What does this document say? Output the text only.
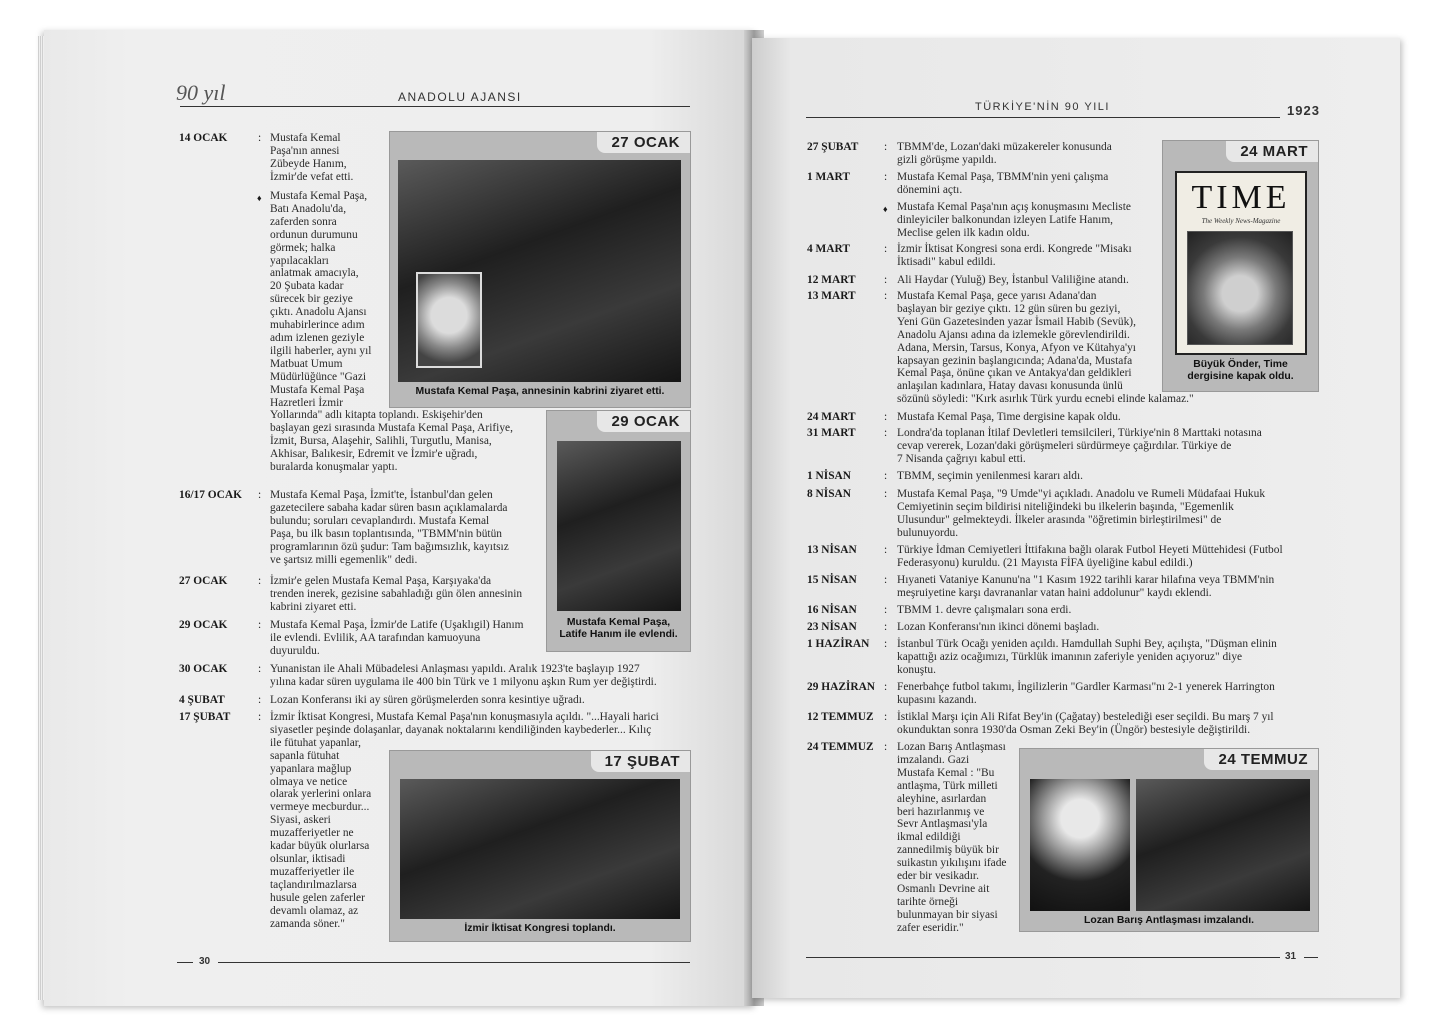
90 yıl	ANADOLU AJANSI
14 OCAK	: Mustafa Kemal
Paşa'nın annesi
Zübeyde Hanım,
İzmir'de vefat etti.
♦ Mustafa Kemal Paşa,
Batı Anadolu'da,
zaferden sonra
ordunun durumunu
görmek; halka
yapılacakları
anlatmak amacıyla,
20 Şubata kadar
sürecek bir geziye
çıktı. Anadolu Ajansı
muhabirlerince adım
adım izlenen geziyle
ilgili haberler, aynı yıl
Matbuat Umum
Müdürlüğünce "Gazi
Mustafa Kemal Paşa
Hazretleri İzmir
Yollarında" adlı kitapta toplandı. Eskişehir'den
başlayan gezi sırasında Mustafa Kemal Paşa, Arifiye,
İzmit, Bursa, Alaşehir, Salihli, Turgutlu, Manisa,
Akhisar, Balıkesir, Edremit ve İzmir'e uğradı,
buralarda konuşmalar yaptı.
16/17 OCAK : Mustafa Kemal Paşa, İzmit'te, İstanbul'dan gelen
gazetecilere sabaha kadar süren basın açıklamalarda
bulundu; soruları cevaplandırdı. Mustafa Kemal
Paşa, bu ilk basın toplantısında, "TBMM'nin bütün
programlarının özü şudur: Tam bağımsızlık, kayıtsız
ve şartsız milli egemenlik" dedi.
27 OCAK	: İzmir'e gelen Mustafa Kemal Paşa, Karşıyaka'da
trenden inerek, gezisine sabahladığı gün ölen annesinin
kabrini ziyaret etti.
29 OCAK	: Mustafa Kemal Paşa, İzmir'de Latife (Uşaklıgil) Hanım
ile evlendi. Evlilik, AA tarafından kamuoyuna
duyuruldu.
30 OCAK	: Yunanistan ile Ahali Mübadelesi Anlaşması yapıldı. Aralık 1923'te başlayıp 1927
yılına kadar süren uygulama ile 400 bin Türk ve 1 milyonu aşkın Rum yer değiştirdi.
4 ŞUBAT	: Lozan Konferansı iki ay süren görüşmelerden sonra kesintiye uğradı.
17 ŞUBAT : İzmir İktisat Kongresi, Mustafa Kemal Paşa'nın konuşmasıyla açıldı. "...Hayali harici
siyasetler peşinde dolaşanlar, dayanak noktalarını kendiliğinden kaybederler... Kılıç
ile fütuhat yapanlar,
sapanla fütuhat
yapanlara mağlup
olmaya ve netice
olarak yerlerini onlara
vermeye mecburdur...
Siyasi, askeri
muzafferiyetler ne
kadar büyük olurlarsa
olsunlar, iktisadi
muzafferiyetler ile
taçlandırılmazlarsa
husule gelen zaferler
devamlı olamaz, az
zamanda söner."
27 OCAK
Mustafa Kemal Paşa, annesinin kabrini ziyaret etti.
29 OCAK
Mustafa Kemal Paşa, Latife Hanım ile evlendi.
17 ŞUBAT
İzmir İktisat Kongresi toplandı.
30
TÜRKİYE'NİN 90 YILI	1923
27 ŞUBAT : TBMM'de, Lozan'daki müzakereler konusunda
gizli görüşme yapıldı.
1 MART	: Mustafa Kemal Paşa, TBMM'nin yeni çalışma
dönemini açtı.
♦ Mustafa Kemal Paşa'nın açış konuşmasını Mecliste
dinleyiciler balkonundan izleyen Latife Hanım,
Meclise gelen ilk kadın oldu.
4 MART	: İzmir İktisat Kongresi sona erdi. Kongrede "Misakı
İktisadi" kabul edildi.
12 MART : Ali Haydar (Yuluğ) Bey, İstanbul Valiliğine atandı.
13 MART : Mustafa Kemal Paşa, gece yarısı Adana'dan
başlayan bir geziye çıktı. 12 gün süren bu geziyi,
Yeni Gün Gazetesinden yazar İsmail Habib (Sevük),
Anadolu Ajansı adına da izlemekle görevlendirildi.
Adana, Mersin, Tarsus, Konya, Afyon ve Kütahya'yı
kapsayan gezinin başlangıcında; Adana'da, Mustafa
Kemal Paşa, önüne çıkan ve Antakya'dan geldikleri
anlaşılan kadınlara, Hatay davası konusunda ünlü
sözünü söyledi: "Kırk asırlık Türk yurdu ecnebi elinde kalamaz."
24 MART : Mustafa Kemal Paşa, Time dergisine kapak oldu.
31 MART : Londra'da toplanan İtilaf Devletleri temsilcileri, Türkiye'nin 8 Marttaki notasına
cevap vererek, Lozan'daki görüşmeleri sürdürmeye çağırdılar. Türkiye de
7 Nisanda çağrıyı kabul etti.
1 NİSAN	: TBMM, seçimin yenilenmesi kararı aldı.
8 NİSAN	: Mustafa Kemal Paşa, "9 Umde"yi açıkladı. Anadolu ve Rumeli Müdafaai Hukuk
Cemiyetinin seçim bildirisi niteliğindeki bu ilkelerin başında, "Egemenlik
Ulusundur" gelmekteydi. İlkeler arasında "öğretimin birleştirilmesi" de
bulunuyordu.
13 NİSAN : Türkiye İdman Cemiyetleri İttifakına bağlı olarak Futbol Heyeti Müttehidesi (Futbol
Federasyonu) kuruldu. (21 Mayısta FİFA üyeliğine kabul edildi.)
15 NİSAN : Hıyaneti Vataniye Kanunu'na "1 Kasım 1922 tarihli karar hilafına veya TBMM'nin
meşruiyetine karşı davrananlar vatan haini addolunur" kaydı eklendi.
16 NİSAN : TBMM 1. devre çalışmaları sona erdi.
23 NİSAN : Lozan Konferansı'nın ikinci dönemi başladı.
1 HAZİRAN : İstanbul Türk Ocağı yeniden açıldı. Hamdullah Suphi Bey, açılışta, "Düşman elinin
kapattığı aziz ocağımızı, Türklük imanının zaferiyle yeniden açıyoruz" diye
konuştu.
29 HAZİRAN : Fenerbahçe futbol takımı, İngilizlerin "Gardler Karması"nı 2-1 yenerek Harrington
kupasını kazandı.
12 TEMMUZ : İstiklal Marşı için Ali Rifat Bey'in (Çağatay) bestelediği eser seçildi. Bu marş 7 yıl
okunduktan sonra 1930'da Osman Zeki Bey'in (Üngör) bestesiyle değiştirildi.
24 TEMMUZ : Lozan Barış Antlaşması
imzalandı. Gazi
Mustafa Kemal : "Bu
antlaşma, Türk milleti
aleyhine, asırlardan
beri hazırlanmış ve
Sevr Antlaşması'yla
ikmal edildiği
zannedilmiş büyük bir
suikastın yıkılışını ifade
eder bir vesikadır.
Osmanlı Devrine ait
tarihte örneği
bulunmayan bir siyasi
zafer eseridir."
24 MART
TIME
The Weekly News-Magazine
Büyük Önder, Time dergisine kapak oldu.
24 TEMMUZ
Lozan Barış Antlaşması imzalandı.
31
